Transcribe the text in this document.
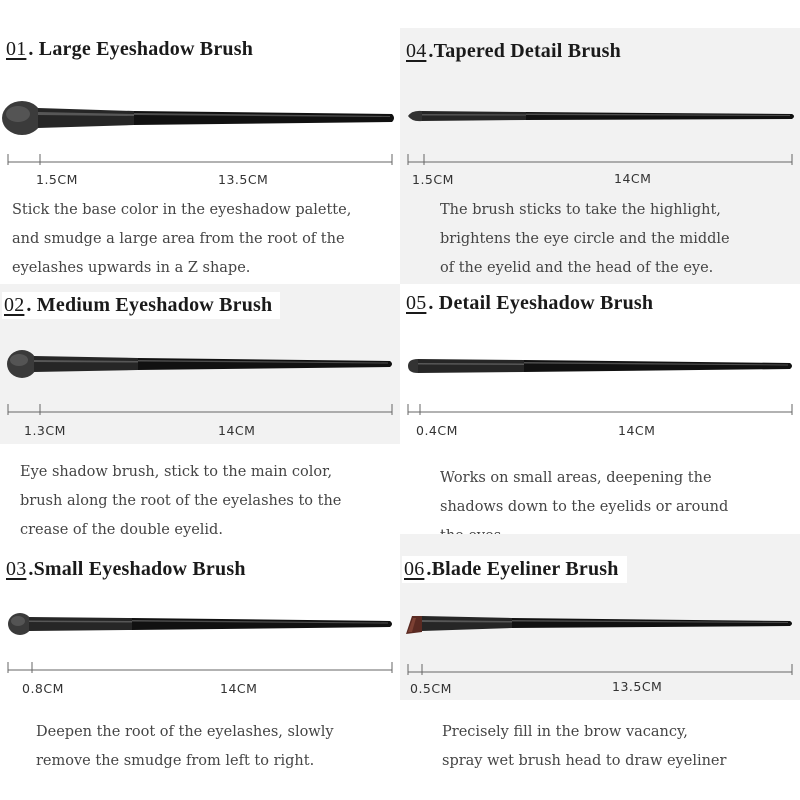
01 . Large Eyeshadow Brush
1.5CM	13.5CM
Stick the base color in the eyeshadow palette,
and smudge a large area from the root of the
eyelashes upwards in a Z shape.
04 .Tapered Detail Brush
1.5CM	14CM
The brush sticks to take the highlight,
brightens the eye circle and the middle
of the eyelid and the head of the eye.
02 . Medium Eyeshadow Brush
1.3CM	14CM
Eye shadow brush, stick to the main color,
brush along the root of the eyelashes to the
crease of the double eyelid.
05 . Detail Eyeshadow Brush
0.4CM	14CM
Works on small areas, deepening the
shadows down to the eyelids or around
03 .Small Eyeshadow Brush
0.8CM	14CM
Deepen the root of the eyelashes, slowly
remove the smudge from left to right.
06 .Blade Eyeliner Brush
0.5CM	13.5CM
Precisely fill in the brow vacancy,
spray wet brush head to draw eyeliner
